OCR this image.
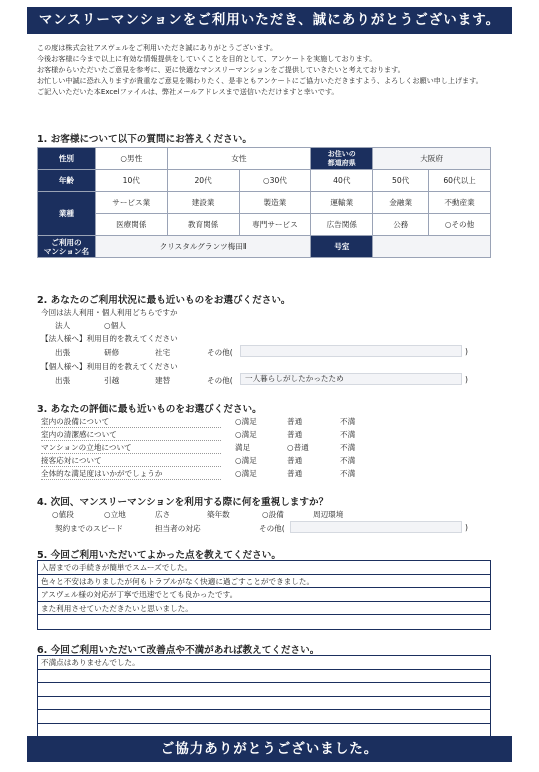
マンスリーマンションをご利用いただき、誠にありがとうございます。
この度は株式会社アスヴェルをご利用いただき誠にありがとうございます。
今後お客様に今まで以上に有効な情報提供をしていくことを目的として、アンケートを実施しております。
お客様からいただいたご意見を参考に、更に快適なマンスリーマンションをご提供していきたいと考えております。
お忙しい中誠に恐れ入りますが貴重なご意見を賜わりたく、是非ともアンケートにご協力いただきますよう、よろしくお願い申し上げます。
ご記入いただいた本Excelファイルは、弊社メールアドレスまで送信いただけますと幸いです。
1. お客様について以下の質問にお答えください。
性別	○男性	女性		お住いの
都道府県	大阪府	
年齢	10代	20代	○30代	40代	50代	60代以上
業種	サービス業	建設業	製造業	運輸業	金融業	不動産業
	医療関係	教育関係	専門サービス	広告関係	公務	○その他

ご利用の
マンション名	クリスタルグランツ梅田Ⅱ			号室		
2. あなたのご利用状況に最も近いものをお選びください。
今回は法人利用・個人利用どちらですか
法人	○個人
【法人様へ】利用目的を教えてください
出張	研修	社宅	その他(	)
【個人様へ】利用目的を教えてください
出張	引越	建替	その他(	一人暮らしがしたかったため	)
3. あなたの評価に最も近いものをお選びください。
室内の設備について	○満足	普通	不満
室内の清潔感について	○満足	普通	不満
マンションの立地について	満足	○普通	不満
接客応対について	○満足	普通	不満
全体的な満足度はいかがでしょうか	○満足	普通	不満
4. 次回、マンスリーマンションを利用する際に何を重視しますか？
○値段	○立地	広さ	築年数	○設備	周辺環境
契約までのスピード	担当者の対応	その他(	)
5. 今回ご利用いただいてよかった点を教えてください。
入居までの手続きが簡単でスムーズでした。
色々と不安はありましたが何もトラブルがなく快適に過ごすことができました。
アスヴェル様の対応が丁寧で迅速でとても良かったです。
また利用させていただきたいと思いました。
6. 今回ご利用いただいて改善点や不満があれば教えてください。
不満点はありませんでした。
ご協力ありがとうございました。
